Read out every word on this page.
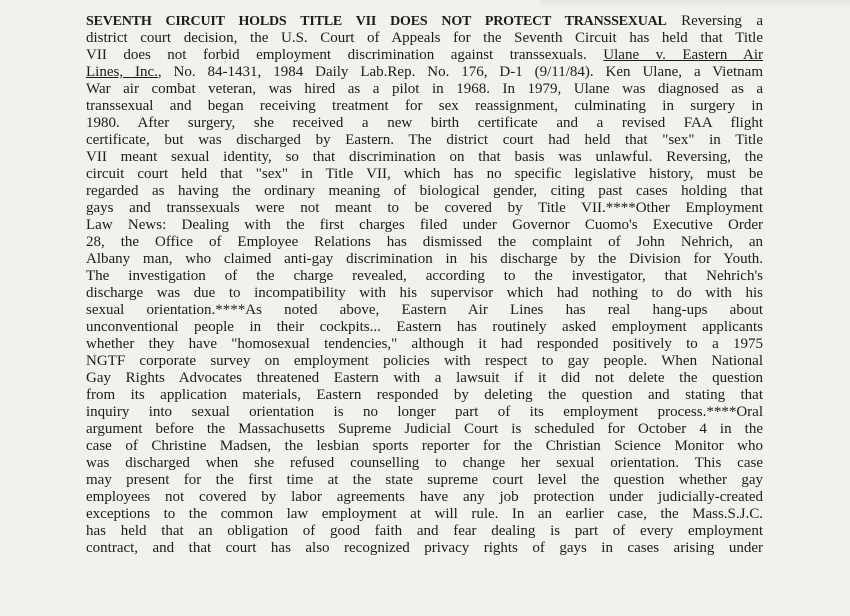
SEVENTH CIRCUIT HOLDS TITLE VII DOES NOT PROTECT TRANSSEXUAL Reversing a
district court decision, the U.S. Court of Appeals for the Seventh Circuit has held that Title
VII does not forbid employment discrimination against transsexuals. Ulane v. Eastern Air
Lines, Inc., No. 84-1431, 1984 Daily Lab.Rep. No. 176, D-1 (9/11/84). Ken Ulane, a Vietnam
War air combat veteran, was hired as a pilot in 1968. In 1979, Ulane was diagnosed as a
transsexual and began receiving treatment for sex reassignment, culminating in surgery in
1980. After surgery, she received a new birth certificate and a revised FAA flight
certificate, but was discharged by Eastern. The district court had held that "sex" in Title
VII meant sexual identity, so that discrimination on that basis was unlawful. Reversing, the
circuit court held that "sex" in Title VII, which has no specific legislative history, must be
regarded as having the ordinary meaning of biological gender, citing past cases holding that
gays and transsexuals were not meant to be covered by Title VII.****Other Employment
Law News: Dealing with the first charges filed under Governor Cuomo's Executive Order
28, the Office of Employee Relations has dismissed the complaint of John Nehrich, an
Albany man, who claimed anti-gay discrimination in his discharge by the Division for Youth.
The investigation of the charge revealed, according to the investigator, that Nehrich's
discharge was due to incompatibility with his supervisor which had nothing to do with his
sexual orientation.****As noted above, Eastern Air Lines has real hang-ups about
unconventional people in their cockpits... Eastern has routinely asked employment applicants
whether they have "homosexual tendencies," although it had responded positively to a 1975
NGTF corporate survey on employment policies with respect to gay people. When National
Gay Rights Advocates threatened Eastern with a lawsuit if it did not delete the question
from its application materials, Eastern responded by deleting the question and stating that
inquiry into sexual orientation is no longer part of its employment process.****Oral
argument before the Massachusetts Supreme Judicial Court is scheduled for October 4 in the
case of Christine Madsen, the lesbian sports reporter for the Christian Science Monitor who
was discharged when she refused counselling to change her sexual orientation. This case
may present for the first time at the state supreme court level the question whether gay
employees not covered by labor agreements have any job protection under judicially-created
exceptions to the common law employment at will rule. In an earlier case, the Mass.S.J.C.
has held that an obligation of good faith and fear dealing is part of every employment
contract, and that court has also recognized privacy rights of gays in cases arising under
